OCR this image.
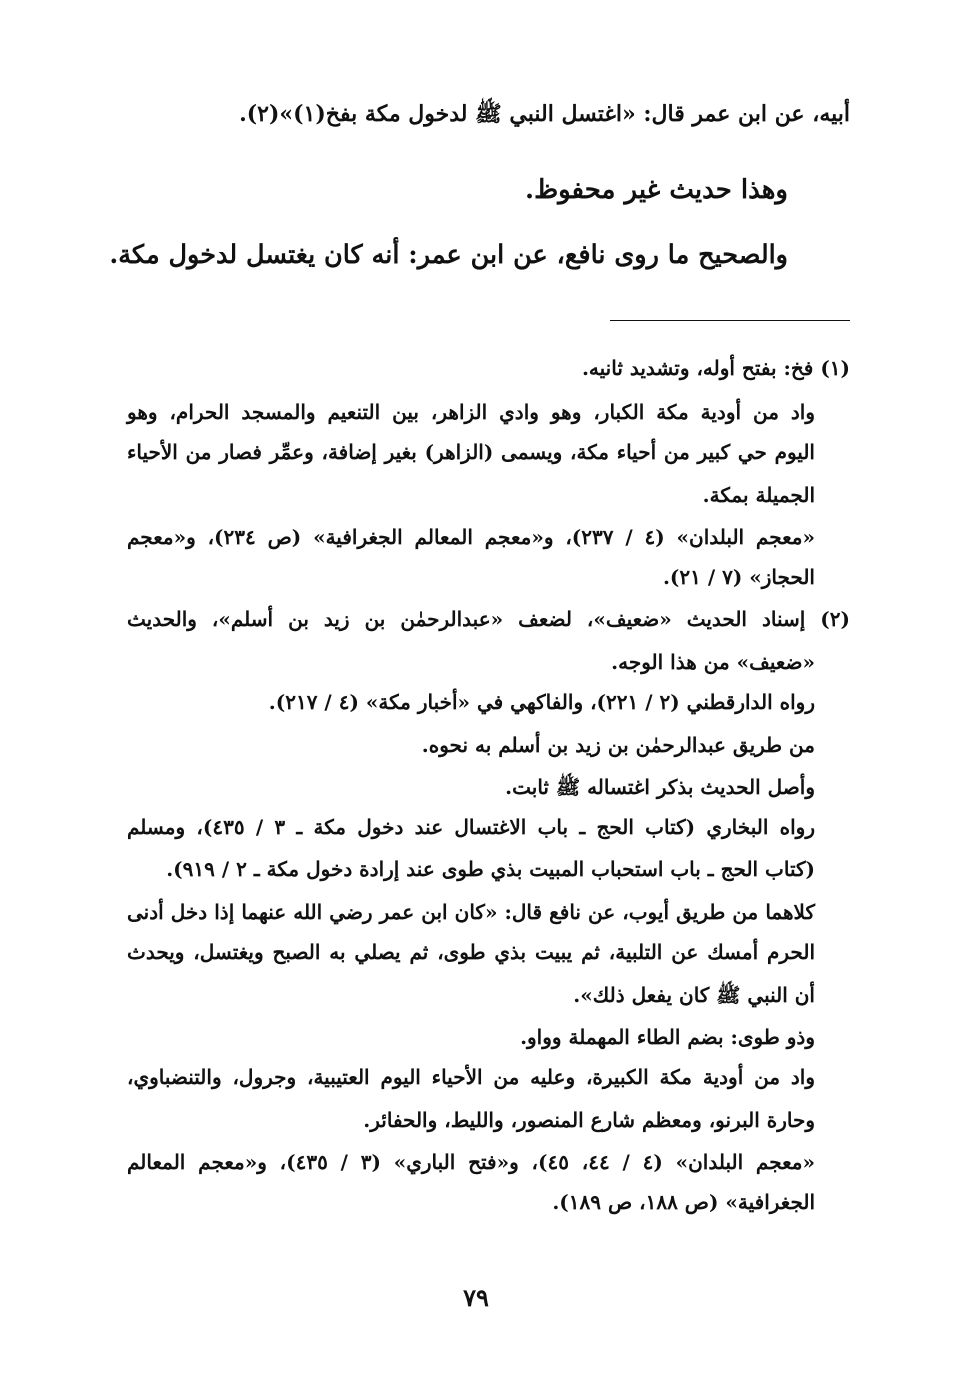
أبيه، عن ابن عمر قال: «اغتسل النبي ﷺ لدخول مكة بفخ(١)»(٢).
وهذا حديث غير محفوظ.
والصحيح ما روى نافع، عن ابن عمر: أنه كان يغتسل لدخول مكة.
(١) فخ: بفتح أوله، وتشديد ثانيه.
واد من أودية مكة الكبار، وهو وادي الزاهر، بين التنعيم والمسجد الحرام، وهو
اليوم حي كبير من أحياء مكة، ويسمى (الزاهر) بغير إضافة، وعمِّر فصار من الأحياء
الجميلة بمكة.
«معجم البلدان» (٤ / ٢٣٧)، و«معجم المعالم الجغرافية» (ص ٢٣٤)، و«معجم
الحجاز» (٧ / ٢١).
(٢) إسناد الحديث «ضعيف»، لضعف «عبدالرحمٰن بن زيد بن أسلم»، والحديث
«ضعيف» من هذا الوجه.
رواه الدارقطني (٢ / ٢٢١)، والفاكهي في «أخبار مكة» (٤ / ٢١٧).
من طريق عبدالرحمٰن بن زيد بن أسلم به نحوه.
وأصل الحديث بذكر اغتساله ﷺ ثابت.
رواه البخاري (كتاب الحج ـ باب الاغتسال عند دخول مكة ـ ٣ / ٤٣٥)، ومسلم
(كتاب الحج ـ باب استحباب المبيت بذي طوى عند إرادة دخول مكة ـ ٢ / ٩١٩).
كلاهما من طريق أيوب، عن نافع قال: «كان ابن عمر رضي الله عنهما إذا دخل أدنى
الحرم أمسك عن التلبية، ثم يبيت بذي طوى، ثم يصلي به الصبح ويغتسل، ويحدث
أن النبي ﷺ كان يفعل ذلك».
وذو طوى: بضم الطاء المهملة وواو.
واد من أودية مكة الكبيرة، وعليه من الأحياء اليوم العتيبية، وجرول، والتنضباوي،
وحارة البرنو، ومعظم شارع المنصور، والليط، والحفائر.
«معجم البلدان» (٤ / ٤٤، ٤٥)، و«فتح الباري» (٣ / ٤٣٥)، و«معجم المعالم
الجغرافية» (ص ١٨٨، ص ١٨٩).
٧٩
